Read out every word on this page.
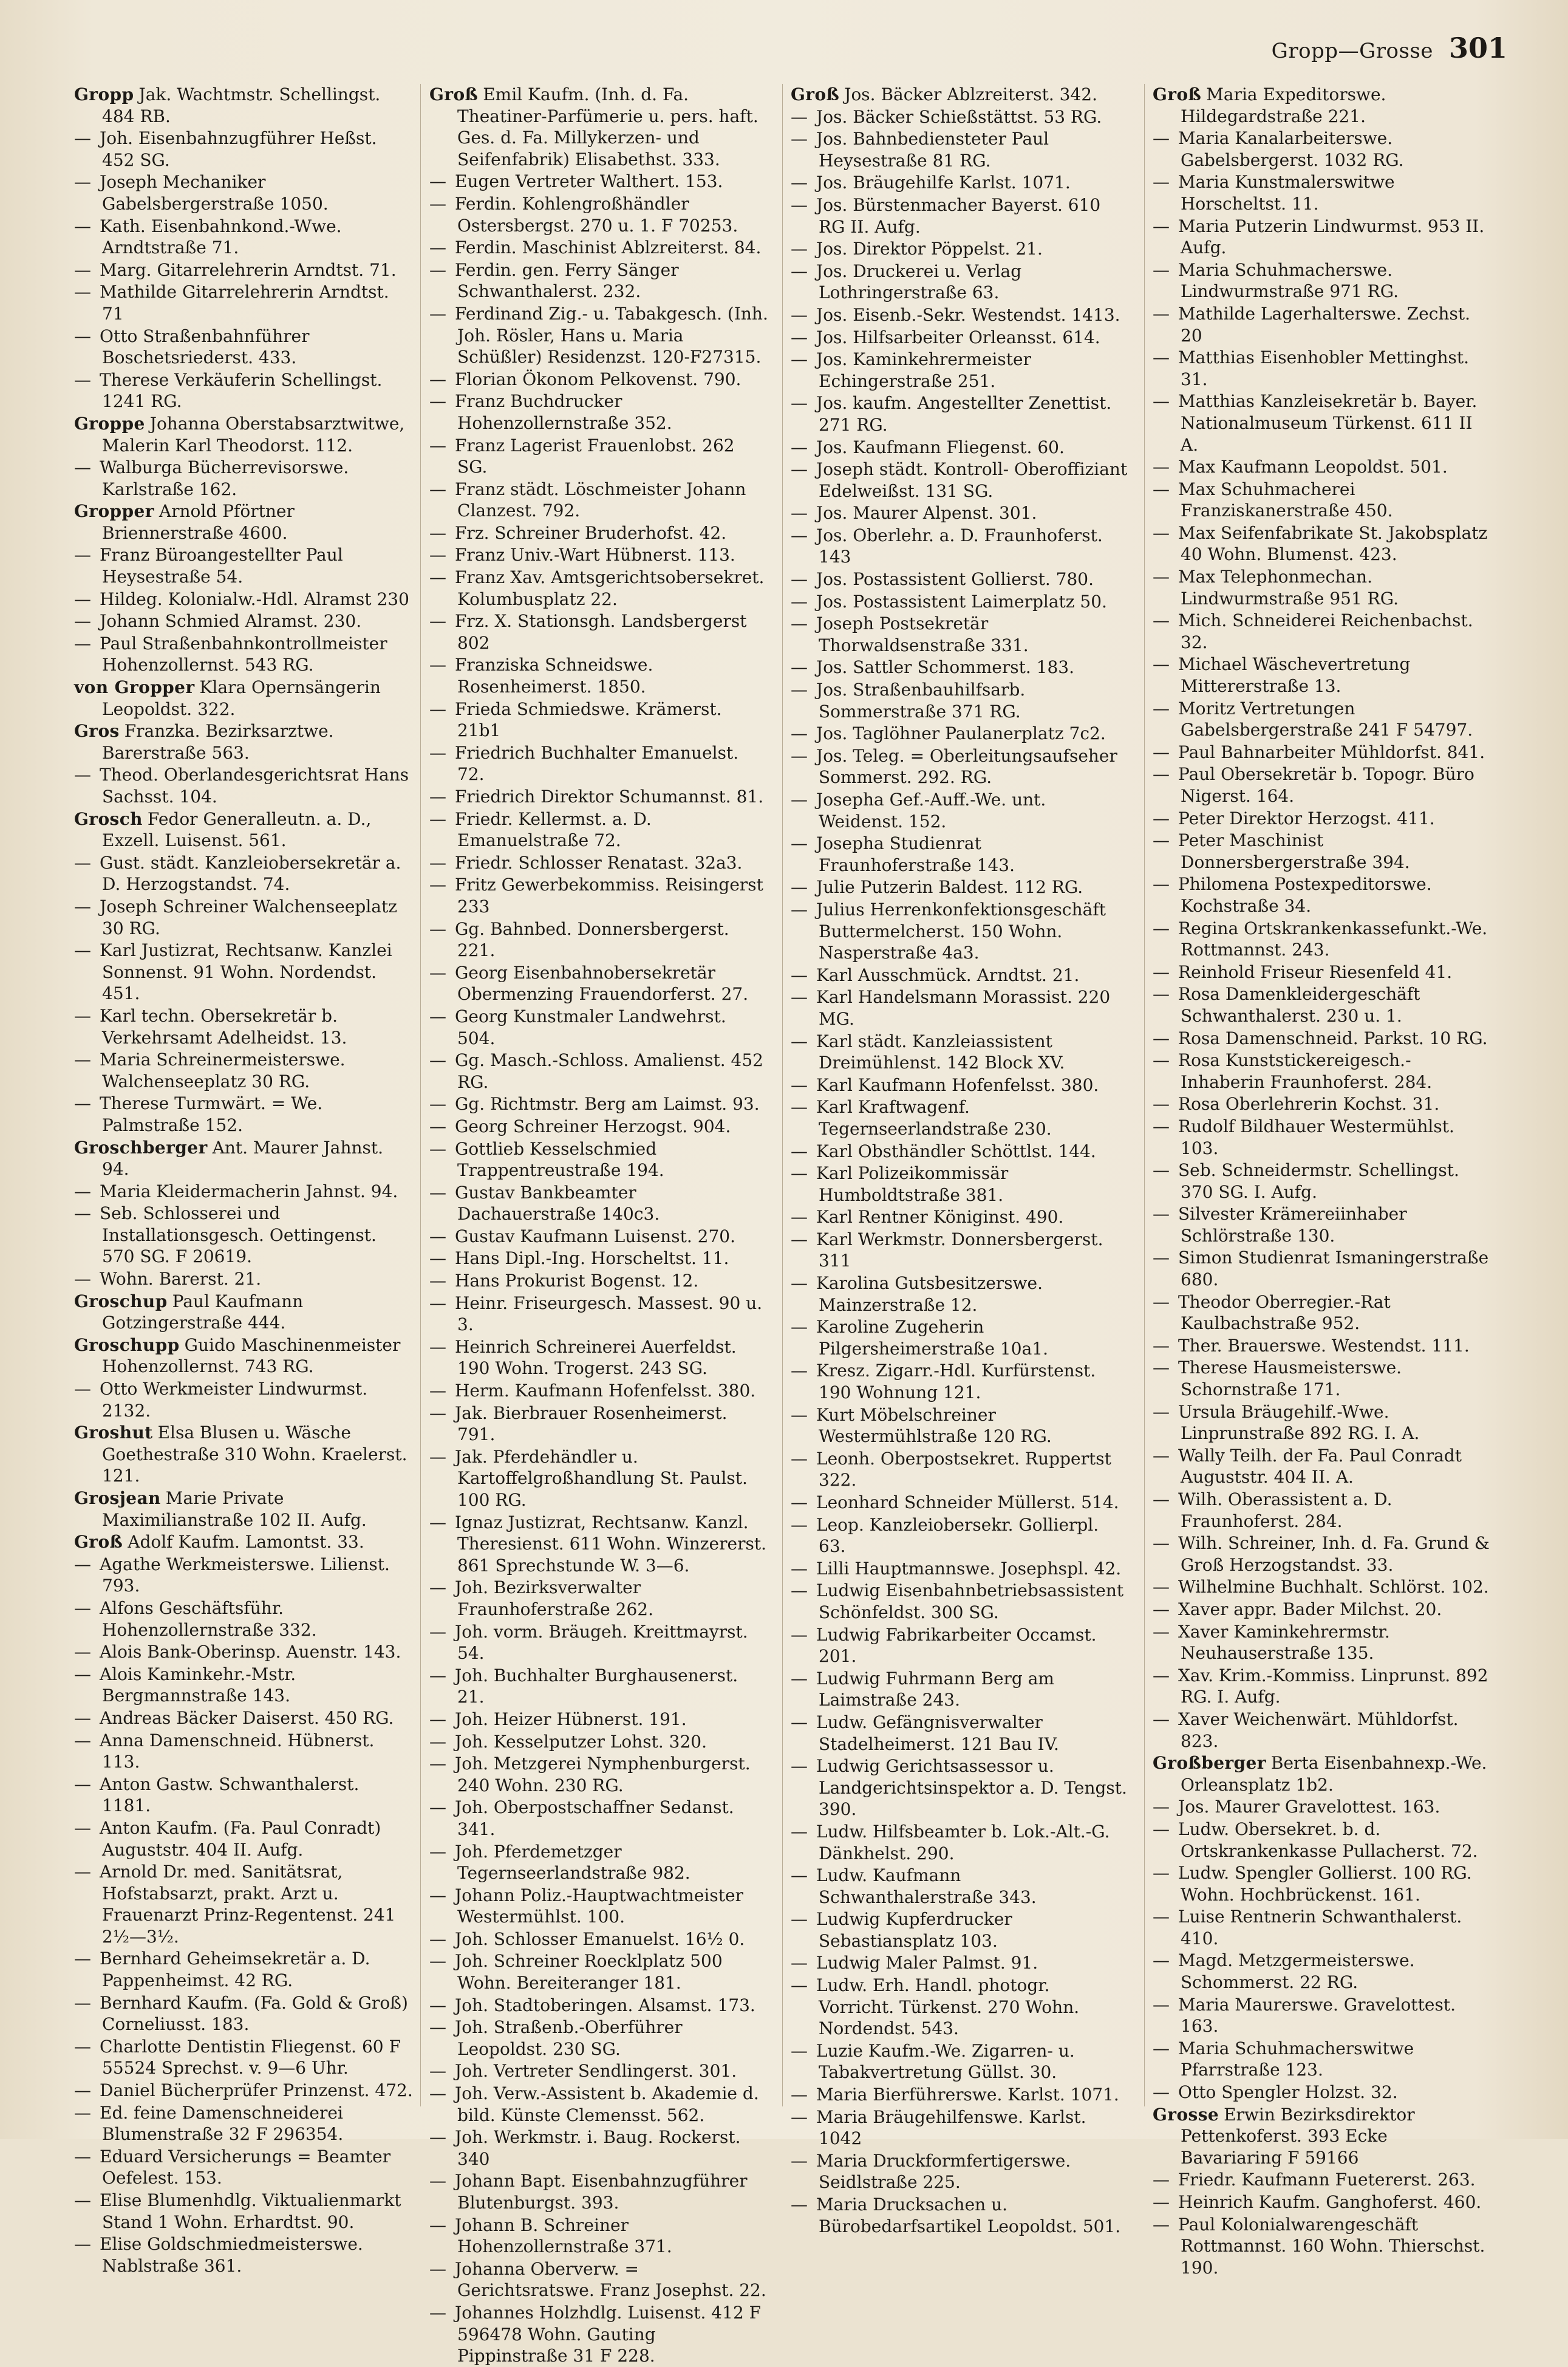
Gropp—Grosse 301
Gropp Jak. Wachtmstr. Schellingst. 484 RB.
— Joh. Eisenbahnzugführer Heßst. 452 SG.
— Joseph Mechaniker Gabelsbergerstraße 1050.
— Kath. Eisenbahnkond.-Wwe. Arndtstraße 71.
— Marg. Gitarrelehrerin Arndtst. 71.
— Mathilde Gitarrelehrerin Arndtst. 71
— Otto Straßenbahnführer Boschetsriederst. 433.
— Therese Verkäuferin Schellingst. 1241 RG.
Groppe Johanna Oberstabsarztwitwe, Malerin Karl Theodorst. 112.
— Walburga Bücherrevisorswe. Karlstraße 162.
Gropper Arnold Pförtner Briennerstraße 4600.
— Franz Büroangestellter Paul Heysestraße 54.
— Hildeg. Kolonialw.-Hdl. Alramst 230
— Johann Schmied Alramst. 230.
— Paul Straßenbahnkontrollmeister Hohenzollernst. 543 RG.
von Gropper Klara Opernsängerin Leopoldst. 322.
Gros Franzka. Bezirksarztwe. Barerstraße 563.
— Theod. Oberlandesgerichtsrat Hans Sachsst. 104.
Grosch Fedor Generalleutn. a. D., Exzell. Luisenst. 561.
— Gust. städt. Kanzleiobersekretär a. D. Herzogstandst. 74.
— Joseph Schreiner Walchenseeplatz 30 RG.
— Karl Justizrat, Rechtsanw. Kanzlei Sonnenst. 91 Wohn. Nordendst. 451.
— Karl techn. Obersekretär b. Verkehrsamt Adelheidst. 13.
— Maria Schreinermeisterswe. Walchenseeplatz 30 RG.
— Therese Turmwärt. = We. Palmstraße 152.
Groschberger Ant. Maurer Jahnst. 94.
— Maria Kleidermacherin Jahnst. 94.
— Seb. Schlosserei und Installationsgesch. Oettingenst. 570 SG. F 20619.
— Wohn. Barerst. 21.
Groschup Paul Kaufmann Gotzingerstraße 444.
Groschupp Guido Maschinenmeister Hohenzollernst. 743 RG.
— Otto Werkmeister Lindwurmst. 2132.
Groshut Elsa Blusen u. Wäsche Goethestraße 310 Wohn. Kraelerst. 121.
Grosjean Marie Private Maximilianstraße 102 II. Aufg.
Groß Adolf Kaufm. Lamontst. 33.
— Agathe Werkmeisterswe. Lilienst. 793.
— Alfons Geschäftsführ. Hohenzollernstraße 332.
— Alois Bank-Oberinsp. Auenstr. 143.
— Alois Kaminkehr.-Mstr. Bergmannstraße 143.
— Andreas Bäcker Daiserst. 450 RG.
— Anna Damenschneid. Hübnerst. 113.
— Anton Gastw. Schwanthalerst. 1181.
— Anton Kaufm. (Fa. Paul Conradt) Auguststr. 404 II. Aufg.
— Arnold Dr. med. Sanitätsrat, Hofstabsarzt, prakt. Arzt u. Frauenarzt Prinz-Regentenst. 241 2½—3½.
— Bernhard Geheimsekretär a. D. Pappenheimst. 42 RG.
— Bernhard Kaufm. (Fa. Gold & Groß) Corneliusst. 183.
— Charlotte Dentistin Fliegenst. 60 F 55524 Sprechst. v. 9—6 Uhr.
— Daniel Bücherprüfer Prinzenst. 472.
— Ed. feine Damenschneiderei Blumenstraße 32 F 296354.
— Eduard Versicherungs = Beamter Oefelest. 153.
— Elise Blumenhdlg. Viktualienmarkt Stand 1 Wohn. Erhardtst. 90.
— Elise Goldschmiedmeisterswe. Nablstraße 361.
Groß Emil Kaufm. (Inh. d. Fa. Theatiner-Parfümerie u. pers. haft. Ges. d. Fa. Millykerzen- und Seifenfabrik) Elisabethst. 333.
— Eugen Vertreter Walthert. 153.
— Ferdin. Kohlengroßhändler Ostersbergst. 270 u. 1. F 70253.
— Ferdin. Maschinist Ablzreiterst. 84.
— Ferdin. gen. Ferry Sänger Schwanthalerst. 232.
— Ferdinand Zig.- u. Tabakgesch. (Inh. Joh. Rösler, Hans u. Maria Schüßler) Residenzst. 120-F27315.
— Florian Ökonom Pelkovenst. 790.
— Franz Buchdrucker Hohenzollernstraße 352.
— Franz Lagerist Frauenlobst. 262 SG.
— Franz städt. Löschmeister Johann Clanzest. 792.
— Frz. Schreiner Bruderhofst. 42.
— Franz Univ.-Wart Hübnerst. 113.
— Franz Xav. Amtsgerichtsobersekret. Kolumbusplatz 22.
— Frz. X. Stationsgh. Landsbergerst 802
— Franziska Schneidswe. Rosenheimerst. 1850.
— Frieda Schmiedswe. Krämerst. 21b1
— Friedrich Buchhalter Emanuelst. 72.
— Friedrich Direktor Schumannst. 81.
— Friedr. Kellermst. a. D. Emanuelstraße 72.
— Friedr. Schlosser Renatast. 32a3.
— Fritz Gewerbekommiss. Reisingerst 233
— Gg. Bahnbed. Donnersbergerst. 221.
— Georg Eisenbahnobersekretär Obermenzing Frauendorferst. 27.
— Georg Kunstmaler Landwehrst. 504.
— Gg. Masch.-Schloss. Amalienst. 452 RG.
— Gg. Richtmstr. Berg am Laimst. 93.
— Georg Schreiner Herzogst. 904.
— Gottlieb Kesselschmied Trappentreustraße 194.
— Gustav Bankbeamter Dachauerstraße 140c3.
— Gustav Kaufmann Luisenst. 270.
— Hans Dipl.-Ing. Horscheltst. 11.
— Hans Prokurist Bogenst. 12.
— Heinr. Friseurgesch. Massest. 90 u. 3.
— Heinrich Schreinerei Auerfeldst. 190 Wohn. Trogerst. 243 SG.
— Herm. Kaufmann Hofenfelsst. 380.
— Jak. Bierbrauer Rosenheimerst. 791.
— Jak. Pferdehändler u. Kartoffelgroßhandlung St. Paulst. 100 RG.
— Ignaz Justizrat, Rechtsanw. Kanzl. Theresienst. 611 Wohn. Winzererst. 861 Sprechstunde W. 3—6.
— Joh. Bezirksverwalter Fraunhoferstraße 262.
— Joh. vorm. Bräugeh. Kreittmayrst. 54.
— Joh. Buchhalter Burghausenerst. 21.
— Joh. Heizer Hübnerst. 191.
— Joh. Kesselputzer Lohst. 320.
— Joh. Metzgerei Nymphenburgerst. 240 Wohn. 230 RG.
— Joh. Oberpostschaffner Sedanst. 341.
— Joh. Pferdemetzger Tegernseerlandstraße 982.
— Johann Poliz.-Hauptwachtmeister Westermühlst. 100.
— Joh. Schlosser Emanuelst. 16½ 0.
— Joh. Schreiner Roecklplatz 500 Wohn. Bereiteranger 181.
— Joh. Stadtoberingen. Alsamst. 173.
— Joh. Straßenb.-Oberführer Leopoldst. 230 SG.
— Joh. Vertreter Sendlingerst. 301.
— Joh. Verw.-Assistent b. Akademie d. bild. Künste Clemensst. 562.
— Joh. Werkmstr. i. Baug. Rockerst. 340
— Johann Bapt. Eisenbahnzugführer Blutenburgst. 393.
— Johann B. Schreiner Hohenzollernstraße 371.
— Johanna Oberverw. = Gerichtsratswe. Franz Josephst. 22.
— Johannes Holzhdlg. Luisenst. 412 F 596478 Wohn. Gauting Pippinstraße 31 F 228.
Groß Jos. Bäcker Ablzreiterst. 342.
— Jos. Bäcker Schießstättst. 53 RG.
— Jos. Bahnbediensteter Paul Heysestraße 81 RG.
— Jos. Bräugehilfe Karlst. 1071.
— Jos. Bürstenmacher Bayerst. 610 RG II. Aufg.
— Jos. Direktor Pöppelst. 21.
— Jos. Druckerei u. Verlag Lothringerstraße 63.
— Jos. Eisenb.-Sekr. Westendst. 1413.
— Jos. Hilfsarbeiter Orleansst. 614.
— Jos. Kaminkehrermeister Echingerstraße 251.
— Jos. kaufm. Angestellter Zenettist. 271 RG.
— Jos. Kaufmann Fliegenst. 60.
— Joseph städt. Kontroll- Oberoffiziant Edelweißst. 131 SG.
— Jos. Maurer Alpenst. 301.
— Jos. Oberlehr. a. D. Fraunhoferst. 143
— Jos. Postassistent Gollierst. 780.
— Jos. Postassistent Laimerplatz 50.
— Joseph Postsekretär Thorwaldsenstraße 331.
— Jos. Sattler Schommerst. 183.
— Jos. Straßenbauhilfsarb. Sommerstraße 371 RG.
— Jos. Taglöhner Paulanerplatz 7c2.
— Jos. Teleg. = Oberleitungsaufseher Sommerst. 292. RG.
— Josepha Gef.-Auff.-We. unt. Weidenst. 152.
— Josepha Studienrat Fraunhoferstraße 143.
— Julie Putzerin Baldest. 112 RG.
— Julius Herrenkonfektionsgeschäft Buttermelcherst. 150 Wohn. Nasperstraße 4a3.
— Karl Ausschmück. Arndtst. 21.
— Karl Handelsmann Morassist. 220 MG.
— Karl städt. Kanzleiassistent Dreimühlenst. 142 Block XV.
— Karl Kaufmann Hofenfelsst. 380.
— Karl Kraftwagenf. Tegernseerlandstraße 230.
— Karl Obsthändler Schöttlst. 144.
— Karl Polizeikommissär Humboldtstraße 381.
— Karl Rentner Königinst. 490.
— Karl Werkmstr. Donnersbergerst. 311
— Karolina Gutsbesitzerswe. Mainzerstraße 12.
— Karoline Zugeherin Pilgersheimerstraße 10a1.
— Kresz. Zigarr.-Hdl. Kurfürstenst. 190 Wohnung 121.
— Kurt Möbelschreiner Westermühlstraße 120 RG.
— Leonh. Oberpostsekret. Ruppertst 322.
— Leonhard Schneider Müllerst. 514.
— Leop. Kanzleiobersekr. Gollierpl. 63.
— Lilli Hauptmannswe. Josephspl. 42.
— Ludwig Eisenbahnbetriebsassistent Schönfeldst. 300 SG.
— Ludwig Fabrikarbeiter Occamst. 201.
— Ludwig Fuhrmann Berg am Laimstraße 243.
— Ludw. Gefängnisverwalter Stadelheimerst. 121 Bau IV.
— Ludwig Gerichtsassessor u. Landgerichtsinspektor a. D. Tengst. 390.
— Ludw. Hilfsbeamter b. Lok.-Alt.-G. Dänkhelst. 290.
— Ludw. Kaufmann Schwanthalerstraße 343.
— Ludwig Kupferdrucker Sebastiansplatz 103.
— Ludwig Maler Palmst. 91.
— Ludw. Erh. Handl. photogr. Vorricht. Türkenst. 270 Wohn. Nordendst. 543.
— Luzie Kaufm.-We. Zigarren- u. Tabakvertretung Güllst. 30.
— Maria Bierführerswe. Karlst. 1071.
— Maria Bräugehilfenswe. Karlst. 1042
— Maria Druckformfertigerswe. Seidlstraße 225.
— Maria Drucksachen u. Bürobedarfsartikel Leopoldst. 501.
Groß Maria Expeditorswe. Hildegardstraße 221.
— Maria Kanalarbeiterswe. Gabelsbergerst. 1032 RG.
— Maria Kunstmalerswitwe Horscheltst. 11.
— Maria Putzerin Lindwurmst. 953 II. Aufg.
— Maria Schuhmacherswe. Lindwurmstraße 971 RG.
— Mathilde Lagerhalterswe. Zechst. 20
— Matthias Eisenhobler Mettinghst. 31.
— Matthias Kanzleisekretär b. Bayer. Nationalmuseum Türkenst. 611 II A.
— Max Kaufmann Leopoldst. 501.
— Max Schuhmacherei Franziskanerstraße 450.
— Max Seifenfabrikate St. Jakobsplatz 40 Wohn. Blumenst. 423.
— Max Telephonmechan. Lindwurmstraße 951 RG.
— Mich. Schneiderei Reichenbachst. 32.
— Michael Wäschevertretung Mittererstraße 13.
— Moritz Vertretungen Gabelsbergerstraße 241 F 54797.
— Paul Bahnarbeiter Mühldorfst. 841.
— Paul Obersekretär b. Topogr. Büro Nigerst. 164.
— Peter Direktor Herzogst. 411.
— Peter Maschinist Donnersbergerstraße 394.
— Philomena Postexpeditorswe. Kochstraße 34.
— Regina Ortskrankenkassefunkt.-We. Rottmannst. 243.
— Reinhold Friseur Riesenfeld 41.
— Rosa Damenkleidergeschäft Schwanthalerst. 230 u. 1.
— Rosa Damenschneid. Parkst. 10 RG.
— Rosa Kunststickereigesch.-Inhaberin Fraunhoferst. 284.
— Rosa Oberlehrerin Kochst. 31.
— Rudolf Bildhauer Westermühlst. 103.
— Seb. Schneidermstr. Schellingst. 370 SG. I. Aufg.
— Silvester Krämereiinhaber Schlörstraße 130.
— Simon Studienrat Ismaningerstraße 680.
— Theodor Oberregier.-Rat Kaulbachstraße 952.
— Ther. Brauerswe. Westendst. 111.
— Therese Hausmeisterswe. Schornstraße 171.
— Ursula Bräugehilf.-Wwe. Linprunstraße 892 RG. I. A.
— Wally Teilh. der Fa. Paul Conradt Auguststr. 404 II. A.
— Wilh. Oberassistent a. D. Fraunhoferst. 284.
— Wilh. Schreiner, Inh. d. Fa. Grund & Groß Herzogstandst. 33.
— Wilhelmine Buchhalt. Schlörst. 102.
— Xaver appr. Bader Milchst. 20.
— Xaver Kaminkehrermstr. Neuhauserstraße 135.
— Xav. Krim.-Kommiss. Linprunst. 892 RG. I. Aufg.
— Xaver Weichenwärt. Mühldorfst. 823.
Großberger Berta Eisenbahnexp.-We. Orleansplatz 1b2.
— Jos. Maurer Gravelottest. 163.
— Ludw. Obersekret. b. d. Ortskrankenkasse Pullacherst. 72.
— Ludw. Spengler Gollierst. 100 RG. Wohn. Hochbrückenst. 161.
— Luise Rentnerin Schwanthalerst. 410.
— Magd. Metzgermeisterswe. Schommerst. 22 RG.
— Maria Maurerswe. Gravelottest. 163.
— Maria Schuhmacherswitwe Pfarrstraße 123.
— Otto Spengler Holzst. 32.
Grosse Erwin Bezirksdirektor Pettenkoferst. 393 Ecke Bavariaring F 59166
— Friedr. Kaufmann Fuetererst. 263.
— Heinrich Kaufm. Ganghoferst. 460.
— Paul Kolonialwarengeschäft Rottmannst. 160 Wohn. Thierschst. 190.
